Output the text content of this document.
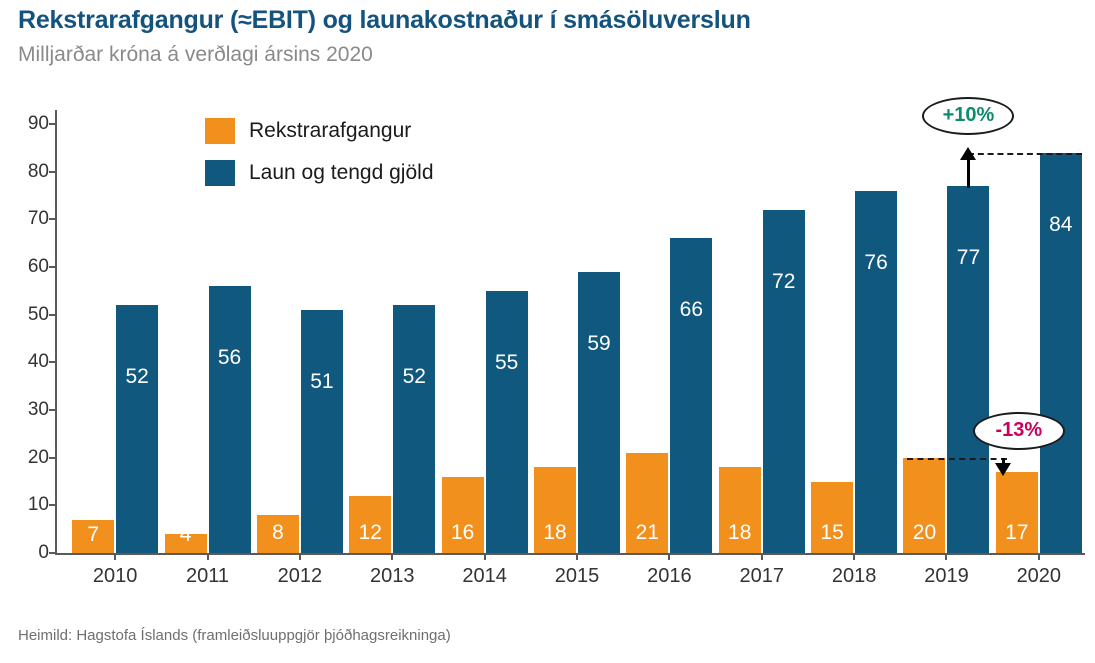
Rekstrarafgangur (≈EBIT) og launakostnaður í smásöluverslun
Milljarðar króna á verðlagi ársins 2020
0
10
20
30
40
50
60
70
80
90
2010 2011 2012 2013 2014 2015 2016 2017 2018 2019 2020
7
52
4
56
8
51
12
52
16
55
18
59
21
66
18
72
15
76
20
77
17
84
+10%
-13%
Rekstrarafgangur
Laun og tengd gjöld
Heimild: Hagstofa Íslands (framleiðsluuppgjör þjóðhagsreikninga)
